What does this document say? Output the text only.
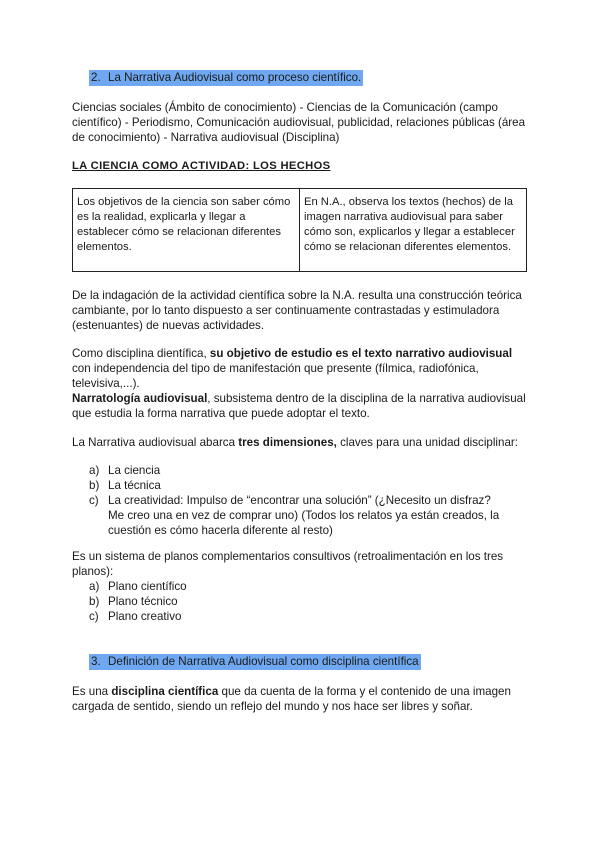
2. La Narrativa Audiovisual como proceso científico.

Ciencias sociales (Ámbito de conocimiento) - Ciencias de la Comunicación (campo científico) - Periodismo, Comunicación audiovisual, publicidad, relaciones públicas (área de conocimiento) - Narrativa audiovisual (Disciplina)

LA CIENCIA COMO ACTIVIDAD: LOS HECHOS
Los objetivos de la ciencia son saber cómo es la realidad, explicarla y llegar a establecer cómo se relacionan diferentes elementos.	En N.A., observa los textos (hechos) de la imagen narrativa audiovisual para saber cómo son, explicarlos y llegar a establecer cómo se relacionan diferentes elementos.

De la indagación de la actividad científica sobre la N.A. resulta una construcción teórica cambiante, por lo tanto dispuesto a ser continuamente contrastadas y estimuladora (estenuantes) de nuevas actividades.

Como disciplina dientífica, su objetivo de estudio es el texto narrativo audiovisual con independencia del tipo de manifestación que presente (fílmica, radiofónica, televisiva,...).

Narratología audiovisual, subsistema dentro de la disciplina de la narrativa audiovisual que estudia la forma narrativa que puede adoptar el texto.

La Narrativa audiovisual abarca tres dimensiones, claves para una unidad disciplinar:

a) La ciencia
b) La técnica
c) La creatividad: Impulso de “encontrar una solución” (¿Necesito un disfraz? Me creo una en vez de comprar uno) (Todos los relatos ya están creados, la cuestión es cómo hacerla diferente al resto)

Es un sistema de planos complementarios consultivos (retroalimentación en los tres planos):

a) Plano científico
b) Plano técnico
c) Plano creativo
3. Definición de Narrativa Audiovisual como disciplina científica

Es una disciplina científica que da cuenta de la forma y el contenido de una imagen cargada de sentido, siendo un reflejo del mundo y nos hace ser libres y soñar.
